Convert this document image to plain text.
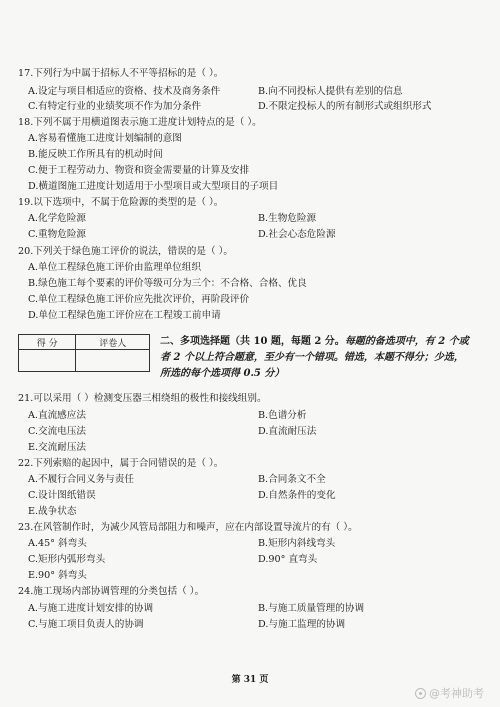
17.下列行为中属于招标人不平等招标的是（ ）。
A.设定与项目相适应的资格、技术及商务条件	B.向不同投标人提供有差别的信息
C.有特定行业的业绩奖项不作为加分条件	D.不限定投标人的所有制形式或组织形式
18.下列不属于用横道图表示施工进度计划特点的是（ ）。
A.容易看懂施工进度计划编制的意图
B.能反映工作所具有的机动时间
C.便于工程劳动力、物资和资金需要量的计算及安排
D.横道图施工进度计划适用于小型项目或大型项目的子项目
19.以下选项中，不属于危险源的类型的是（ ）。
A.化学危险源	B.生物危险源
C.重物危险源	D.社会心态危险源
20.下列关于绿色施工评价的说法，错误的是（ ）。
A.单位工程绿色施工评价由监理单位组织
B.绿色施工每个要素的评价等级可分为三个：不合格、合格、优良
C.单位工程绿色施工评价应先批次评价，再阶段评价
D.单位工程绿色施工评价应在工程竣工前申请
得 分	评卷人
		二、多项选择题（共 10 题，每题 2 分。每题的备选项中，有 2 个或
者 2 个以上符合题意，至少有一个错项。错选，本题不得分；少选，
所选的每个选项得 0.5 分）
21.可以采用（ ）检测变压器三相绕组的极性和接线组别。
A.直流感应法	B.色谱分析
C.交流电压法	D.直流耐压法
E.交流耐压法
22.下列索赔的起因中，属于合同错误的是（ ）。
A.不履行合同义务与责任	B.合同条文不全
C.设计图纸错误	D.自然条件的变化
E.战争状态
23.在风管制作时，为减少风管局部阻力和噪声，应在内部设置导流片的有（ ）。
A.45° 斜弯头	B.矩形内斜线弯头
C.矩形内弧形弯头	D.90° 直弯头
E.90° 斜弯头
24.施工现场内部协调管理的分类包括（ ）。
A.与施工进度计划安排的协调	B.与施工质量管理的协调
C.与施工项目负责人的协调	D.与施工监理的协调
第 31 页
@考神助考
